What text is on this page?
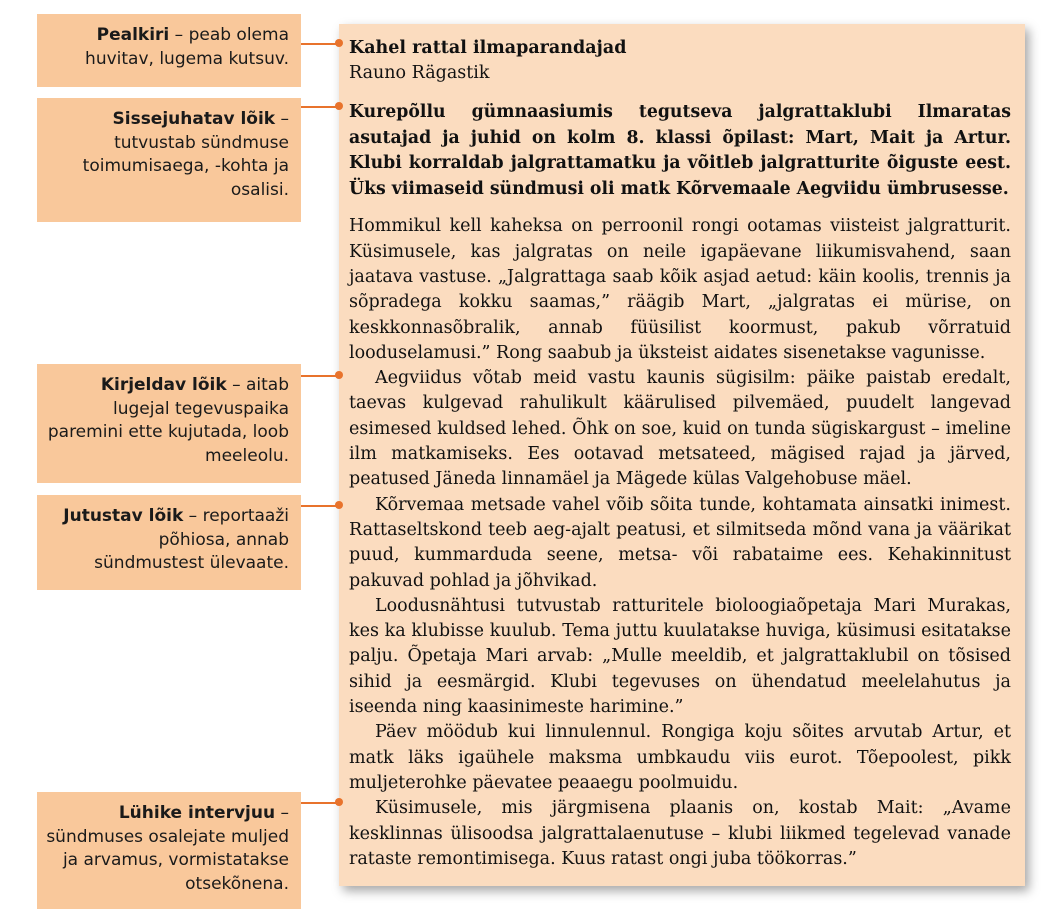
Pealkiri – peab olema huvitav, lugema kutsuv.
Sissejuhatav lõik – tutvustab sündmuse toimumisaega, -kohta ja osalisi.
Kirjeldav lõik – aitab lugejal tegevuspaika paremini ette kujutada, loob meeleolu.
Jutustav lõik – reportaaži põhiosa, annab sündmustest ülevaate.
Lühike intervjuu – sündmuses osalejate muljed ja arvamus, vormistatakse otsekõnena.

Kahel rattal ilmaparandajad

Rauno Rägastik

Kurepõllu gümnaasiumis tegutseva jalgrattaklubi Ilmaratas asutajad ja juhid on kolm 8. klassi õpilast: Mart, Mait ja Artur. Klubi korraldab jalgrattamatku ja võitleb jalgratturite õiguste eest. Üks viimaseid sündmusi oli matk Kõrvemaale Aegviidu ümbrusesse.

Hommikul kell kaheksa on perroonil rongi ootamas viisteist jalgratturit. Küsimusele, kas jalgratas on neile igapäevane liikumisvahend, saan jaatava vastuse. „Jalgrattaga saab kõik asjad aetud: käin koolis, trennis ja sõpradega kokku saamas,” räägib Mart, „jalgratas ei mürise, on keskkonnasõbralik, annab füüsilist koormust, pakub võrratuid looduselamusi.” Rong saabub ja üksteist aidates sisenetakse vagunisse.

Aegviidus võtab meid vastu kaunis sügisilm: päike paistab eredalt, taevas kulgevad rahulikult käärulised pilvemäed, puudelt langevad esimesed kuldsed lehed. Õhk on soe, kuid on tunda sügiskargust – imeline ilm matkamiseks. Ees ootavad metsateed, mägised rajad ja järved, peatused Jäneda linnamäel ja Mägede külas Valgehobuse mäel.

Kõrvemaa metsade vahel võib sõita tunde, kohtamata ainsatki inimest. Rattaseltskond teeb aeg-ajalt peatusi, et silmitseda mõnd vana ja väärikat puud, kummarduda seene, metsa- või rabataime ees. Kehakinnitust pakuvad pohlad ja jõhvikad.

Loodusnähtusi tutvustab ratturitele bioloogiaõpetaja Mari Murakas, kes ka klubisse kuulub. Tema juttu kuulatakse huviga, küsimusi esitatakse palju. Õpetaja Mari arvab: „Mulle meeldib, et jalgrattaklubil on tõsised sihid ja eesmärgid. Klubi tegevuses on ühendatud meelelahutus ja iseenda ning kaasinimeste harimine.”

Päev möödub kui linnulennul. Rongiga koju sõites arvutab Artur, et matk läks igaühele maksma umbkaudu viis eurot. Tõepoolest, pikk muljeterohke päevatee peaaegu poolmuidu.

Küsimusele, mis järgmisena plaanis on, kostab Mait: „Avame kesklinnas ülisoodsa jalgrattalaenutuse – klubi liikmed tegelevad vanade rataste remontimisega. Kuus ratast ongi juba töökorras.”
